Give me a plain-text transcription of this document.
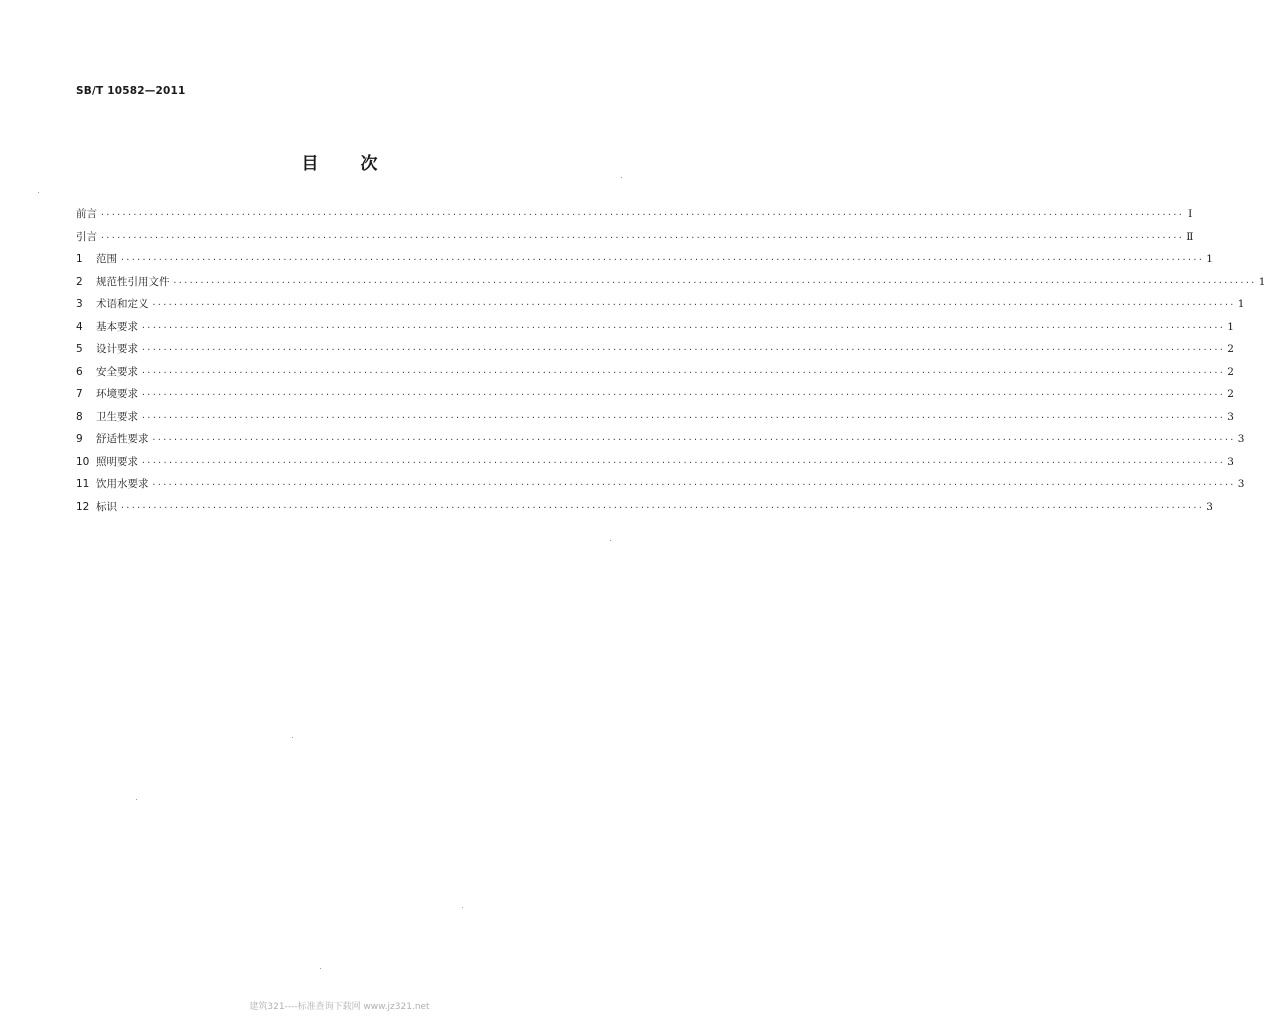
SB/T 10582—2011
目 次
前言 ········································································································································································································ Ⅰ
引言 ········································································································································································································ Ⅱ
1	范围 ········································································································································································································ 1
2	规范性引用文件 ········································································································································································································ 1
3	术语和定义 ········································································································································································································ 1
4	基本要求 ········································································································································································································ 1
5	设计要求 ········································································································································································································ 2
6	安全要求 ········································································································································································································ 2
7	环境要求 ········································································································································································································ 2
8	卫生要求 ········································································································································································································ 3
9	舒适性要求 ········································································································································································································ 3
10 照明要求 ········································································································································································································ 3
11 饮用水要求 ········································································································································································································ 3
12 标识 ········································································································································································································ 3
建筑321----标准查询下载网 www.jz321.net
